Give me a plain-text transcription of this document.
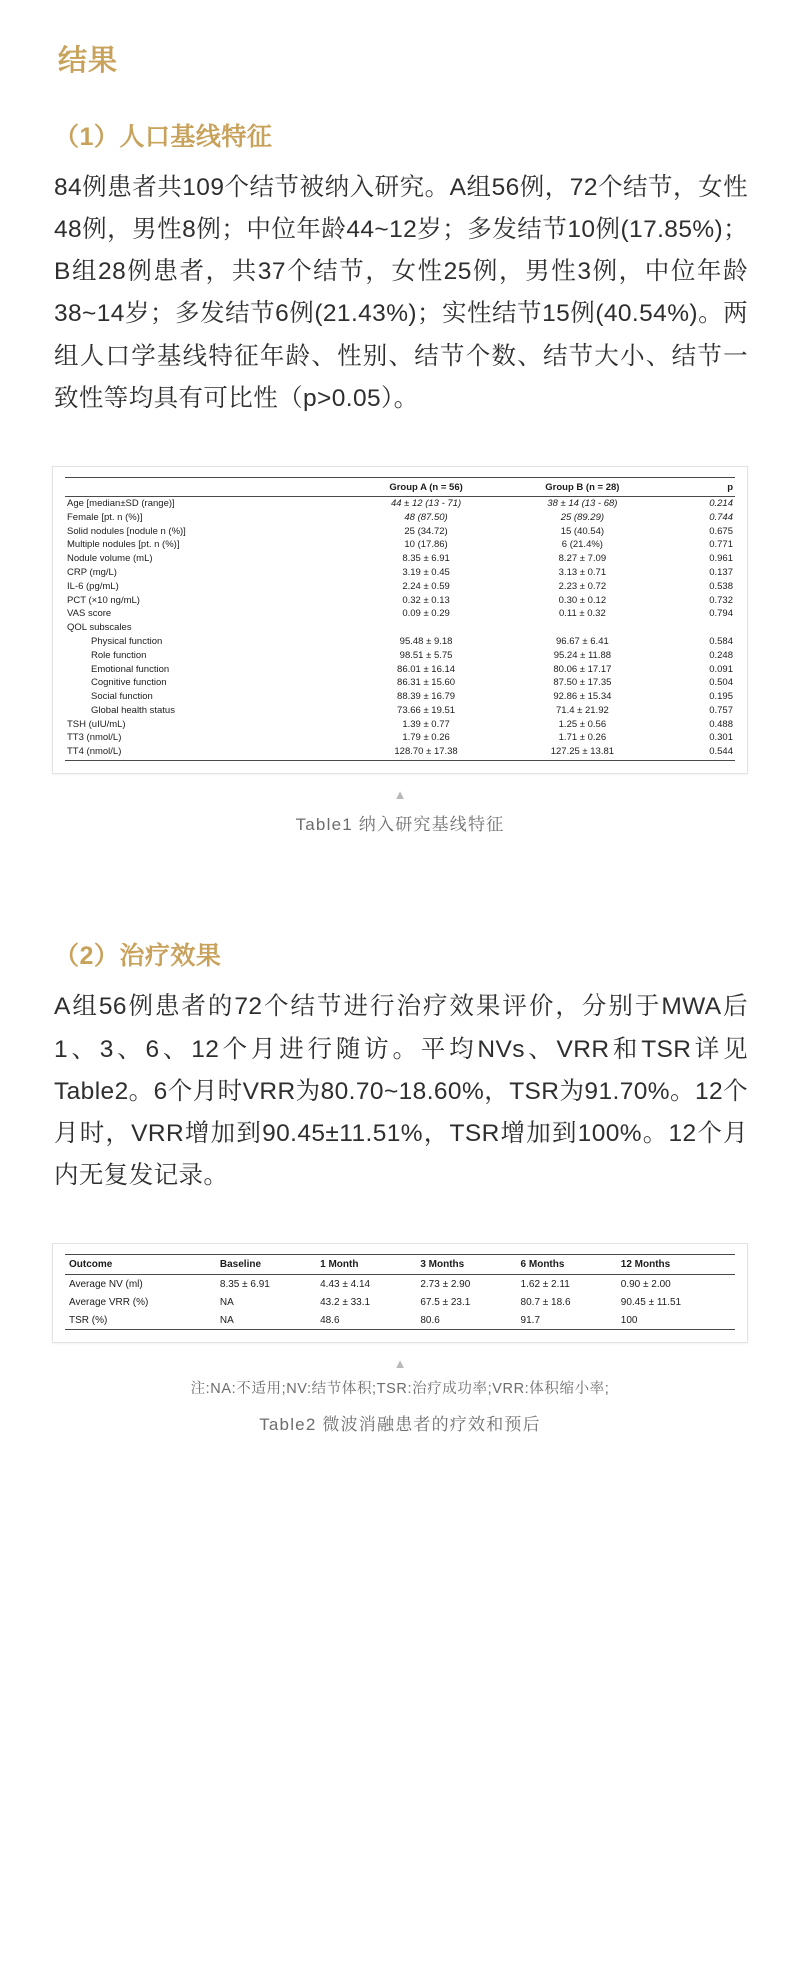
结果
（1）人口基线特征

84例患者共109个结节被纳入研究。A组56例，72个结节，女性48例，男性8例；中位年龄44~12岁；多发结节10例(17.85%)；B组28例患者，共37个结节，女性25例，男性3例，中位年龄38~14岁；多发结节6例(21.43%)；实性结节15例(40.54%)。两组人口学基线特征年龄、性别、结节个数、结节大小、结节一致性等均具有可比性（p>0.05）。

	Group A (n = 56)	Group B (n = 28)	p
Age [median±SD (range)]	44 ± 12 (13 - 71)	38 ± 14 (13 - 68)	0.214
Female [pt. n (%)]	48 (87.50)	25 (89.29)	0.744
Solid nodules [nodule n (%)]	25 (34.72)	15 (40.54)	0.675
Multiple nodules [pt. n (%)]	10 (17.86)	6 (21.4%)	0.771
Nodule volume (mL)	8.35 ± 6.91	8.27 ± 7.09	0.961
CRP (mg/L)	3.19 ± 0.45	3.13 ± 0.71	0.137
IL-6 (pg/mL)	2.24 ± 0.59	2.23 ± 0.72	0.538
PCT (×10 ng/mL)	0.32 ± 0.13	0.30 ± 0.12	0.732
VAS score	0.09 ± 0.29	0.11 ± 0.32	0.794
QOL subscales			
Physical function	95.48 ± 9.18	96.67 ± 6.41	0.584
Role function	98.51 ± 5.75	95.24 ± 11.88	0.248
Emotional function	86.01 ± 16.14	80.06 ± 17.17	0.091
Cognitive function	86.31 ± 15.60	87.50 ± 17.35	0.504
Social function	88.39 ± 16.79	92.86 ± 15.34	0.195
Global health status	73.66 ± 19.51	71.4 ± 21.92	0.757
TSH (uIU/mL)	1.39 ± 0.77	1.25 ± 0.56	0.488
TT3 (nmol/L)	1.79 ± 0.26	1.71 ± 0.26	0.301
TT4 (nmol/L)	128.70 ± 17.38	127.25 ± 13.81	0.544
▲
Table1 纳入研究基线特征
（2）治疗效果

A组56例患者的72个结节进行治疗效果评价，分别于MWA后1、3、6、12个月进行随访。平均NVs、VRR和TSR详见Table2。6个月时VRR为80.70~18.60%，TSR为91.70%。12个月时，VRR增加到90.45±11.51%，TSR增加到100%。12个月内无复发记录。

Outcome	Baseline	1 Month	3 Months	6 Months	12 Months
Average NV (ml)	8.35 ± 6.91	4.43 ± 4.14	2.73 ± 2.90	1.62 ± 2.11	0.90 ± 2.00
Average VRR (%)	NA	43.2 ± 33.1	67.5 ± 23.1	80.7 ± 18.6	90.45 ± 11.51
TSR (%)	NA	48.6	80.6	91.7	100
▲
注:NA:不适用;NV:结节体积;TSR:治疗成功率;VRR:体积缩小率;
Table2 微波消融患者的疗效和预后
